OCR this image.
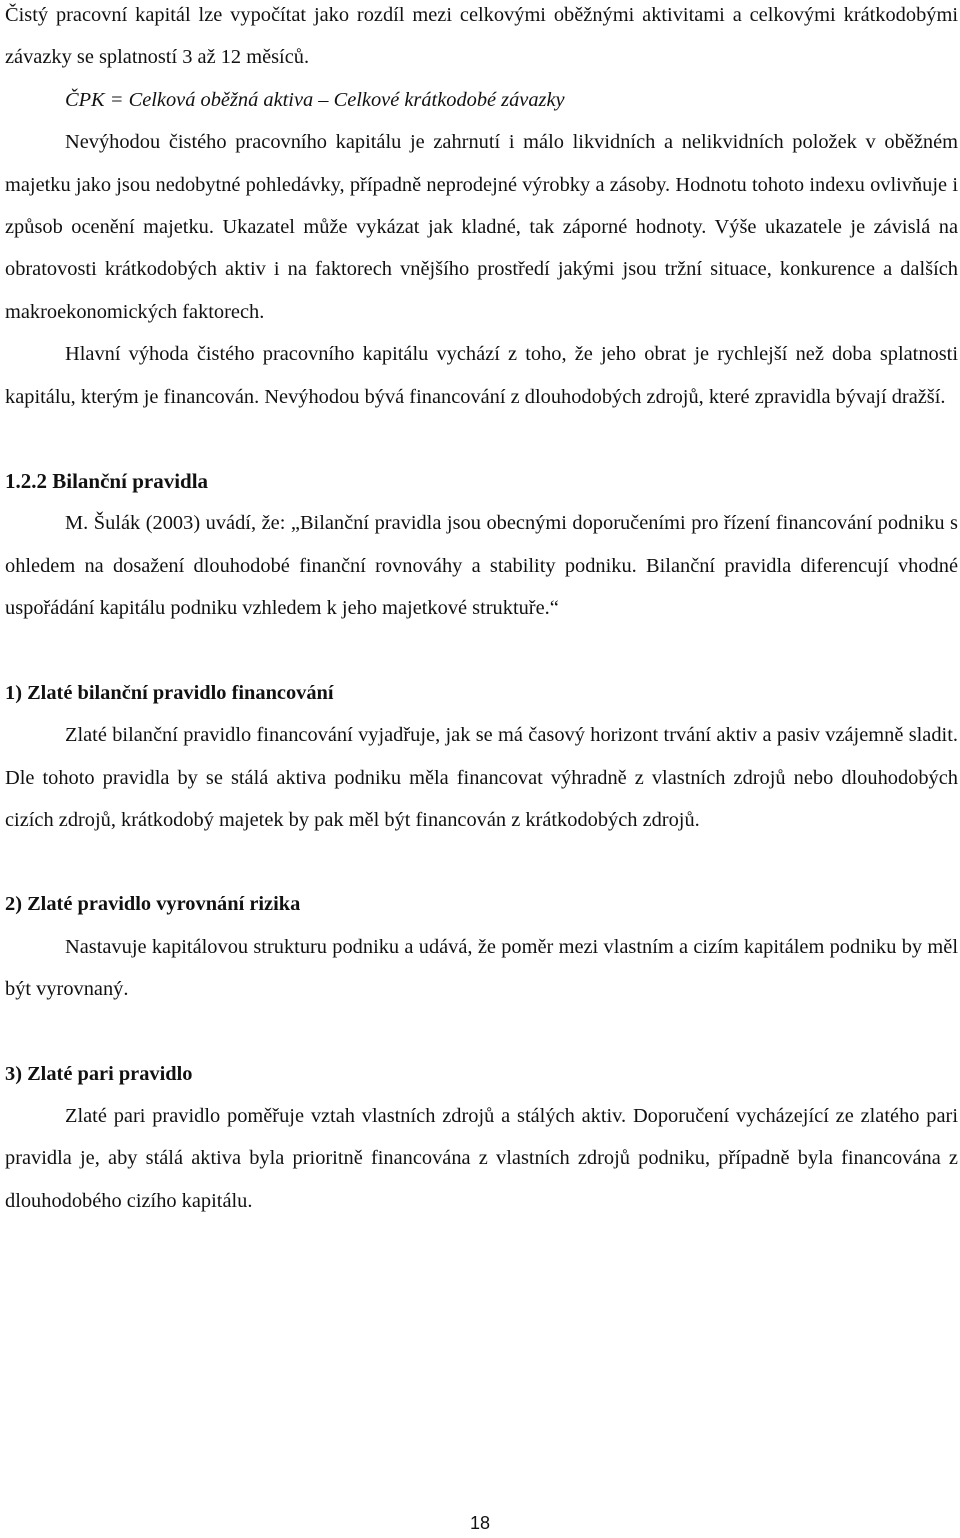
Čistý pracovní kapitál lze vypočítat jako rozdíl mezi celkovými oběžnými aktivitami a celkovými krátkodobými závazky se splatností 3 až 12 měsíců.

ČPK = Celková oběžná aktiva – Celkové krátkodobé závazky

Nevýhodou čistého pracovního kapitálu je zahrnutí i málo likvidních a nelikvidních položek v oběžném majetku jako jsou nedobytné pohledávky, případně neprodejné výrobky a zásoby. Hodnotu tohoto indexu ovlivňuje i způsob ocenění majetku. Ukazatel může vykázat jak kladné, tak záporné hodnoty. Výše ukazatele je závislá na obratovosti krátkodobých aktiv i na faktorech vnějšího prostředí jakými jsou tržní situace, konkurence a dalších makroekonomických faktorech.

Hlavní výhoda čistého pracovního kapitálu vychází z toho, že jeho obrat je rychlejší než doba splatnosti kapitálu, kterým je financován. Nevýhodou bývá financování z dlouhodobých zdrojů, které zpravidla bývají dražší.

1.2.2 Bilanční pravidla

M. Šulák (2003) uvádí, že: „Bilanční pravidla jsou obecnými doporučeními pro řízení financování podniku s ohledem na dosažení dlouhodobé finanční rovnováhy a stability podniku. Bilanční pravidla diferencují vhodné uspořádání kapitálu podniku vzhledem k jeho majetkové struktuře.“

1) Zlaté bilanční pravidlo financování

Zlaté bilanční pravidlo financování vyjadřuje, jak se má časový horizont trvání aktiv a pasiv vzájemně sladit. Dle tohoto pravidla by se stálá aktiva podniku měla financovat výhradně z vlastních zdrojů nebo dlouhodobých cizích zdrojů, krátkodobý majetek by pak měl být financován z krátkodobých zdrojů.

2) Zlaté pravidlo vyrovnání rizika

Nastavuje kapitálovou strukturu podniku a udává, že poměr mezi vlastním a cizím kapitálem podniku by měl být vyrovnaný.

3) Zlaté pari pravidlo

Zlaté pari pravidlo poměřuje vztah vlastních zdrojů a stálých aktiv. Doporučení vycházející ze zlatého pari pravidla je, aby stálá aktiva byla prioritně financována z vlastních zdrojů podniku, případně byla financována z dlouhodobého cizího kapitálu.

18
